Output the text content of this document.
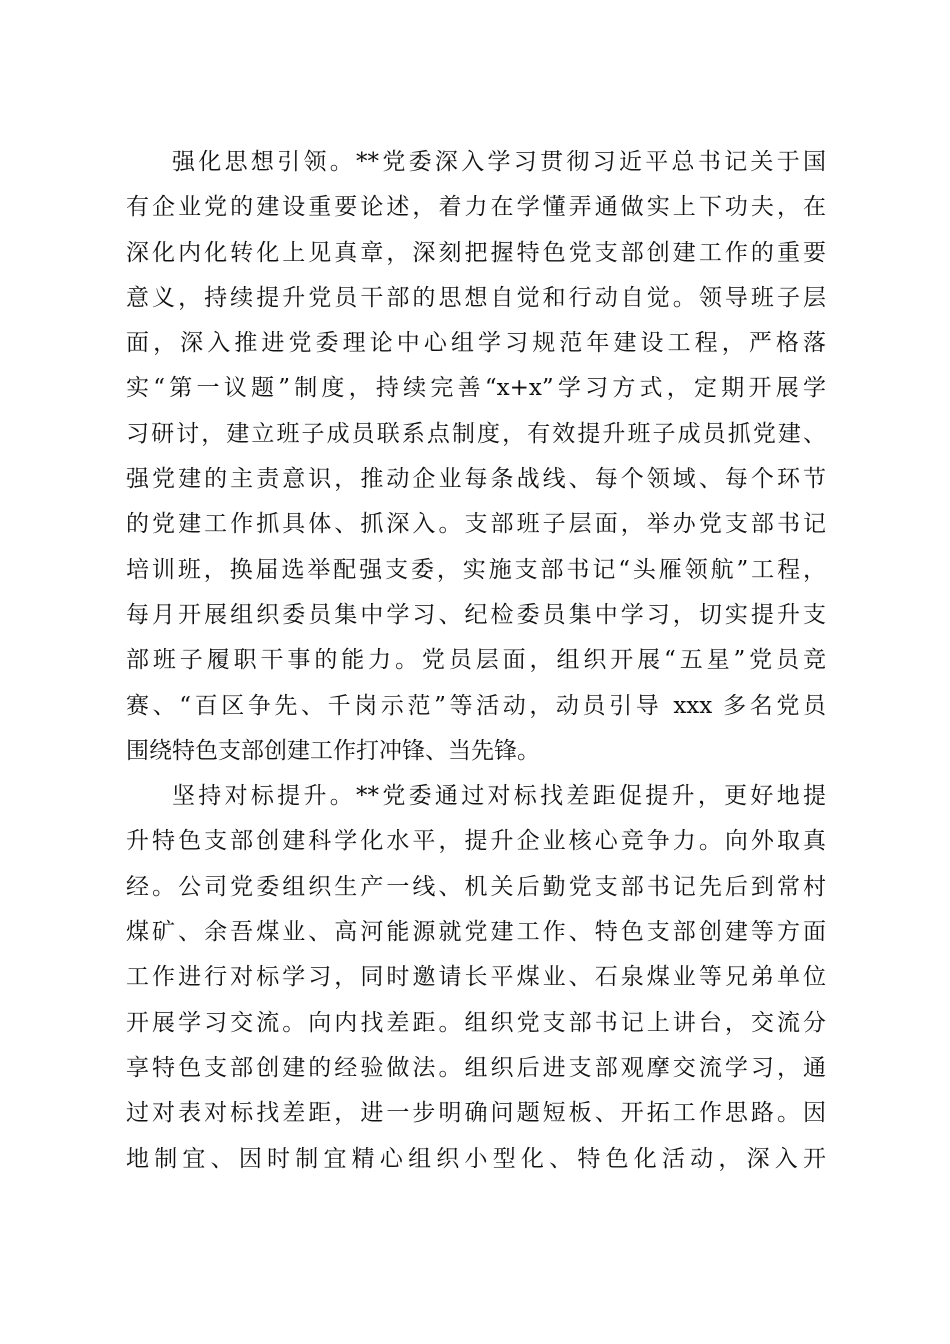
强化思想引领。**党委深入学习贯彻习近平总书记关于国
有企业党的建设重要论述，着力在学懂弄通做实上下功夫，在
深化内化转化上见真章，深刻把握特色党支部创建工作的重要
意义，持续提升党员干部的思想自觉和行动自觉。领导班子层
面，深入推进党委理论中心组学习规范年建设工程，严格落
实“第一议题”制度，持续完善“x+x”学习方式，定期开展学
习研讨，建立班子成员联系点制度，有效提升班子成员抓党建、
强党建的主责意识，推动企业每条战线、每个领域、每个环节
的党建工作抓具体、抓深入。支部班子层面，举办党支部书记
培训班，换届选举配强支委，实施支部书记“头雁领航”工程，
每月开展组织委员集中学习、纪检委员集中学习，切实提升支
部班子履职干事的能力。党员层面，组织开展“五星”党员竞
赛、“百区争先、千岗示范”等活动，动员引导 xxx 多名党员
围绕特色支部创建工作打冲锋、当先锋。
坚持对标提升。**党委通过对标找差距促提升，更好地提
升特色支部创建科学化水平，提升企业核心竞争力。向外取真
经。公司党委组织生产一线、机关后勤党支部书记先后到常村
煤矿、余吾煤业、高河能源就党建工作、特色支部创建等方面
工作进行对标学习，同时邀请长平煤业、石泉煤业等兄弟单位
开展学习交流。向内找差距。组织党支部书记上讲台，交流分
享特色支部创建的经验做法。组织后进支部观摩交流学习，通
过对表对标找差距，进一步明确问题短板、开拓工作思路。因
地制宜、因时制宜精心组织小型化、特色化活动，深入开
